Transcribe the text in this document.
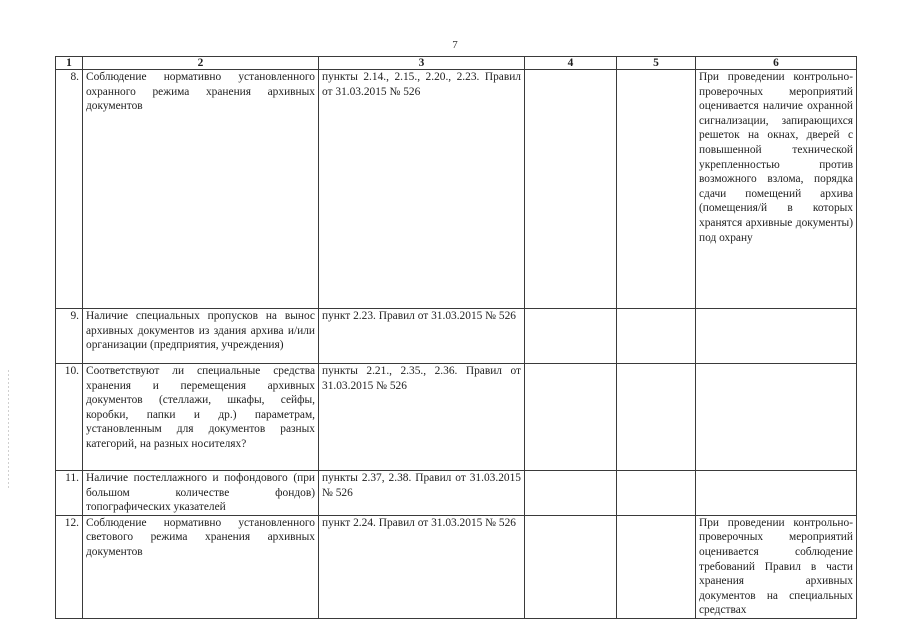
7
1	2	3	4	5	6
8.	Соблюдение нормативно установленного охранного режима хранения архивных документов	пункты 2.14., 2.15., 2.20., 2.23. Правил от 31.03.2015 № 526			При проведении контрольно-проверочных мероприятий оценивается наличие охранной сигнализации, запирающихся решеток на окнах, дверей с повышенной технической укрепленностью против возможного взлома, порядка сдачи помещений архива (помещения/й в которых хранятся архивные документы) под охрану
9.	Наличие специальных пропусков на вынос архивных документов из здания архива и/или организации (предприятия, учреждения)	пункт 2.23. Правил от 31.03.2015 № 526			
10.	Соответствуют ли специальные средства хранения и перемещения архивных документов (стеллажи, шкафы, сейфы, коробки, папки и др.) параметрам, установленным для документов разных категорий, на разных носителях?	пункты 2.21., 2.35., 2.36. Правил от 31.03.2015 № 526			
11.	Наличие постеллажного и пофондового (при большом количестве фондов) топографических указателей	пункты 2.37, 2.38. Правил от 31.03.2015 № 526			
12.	Соблюдение нормативно установленного светового режима хранения архивных документов	пункт 2.24. Правил от 31.03.2015 № 526			При проведении контрольно-проверочных мероприятий оценивается соблюдение требований Правил в части хранения архивных документов на специальных средствах
